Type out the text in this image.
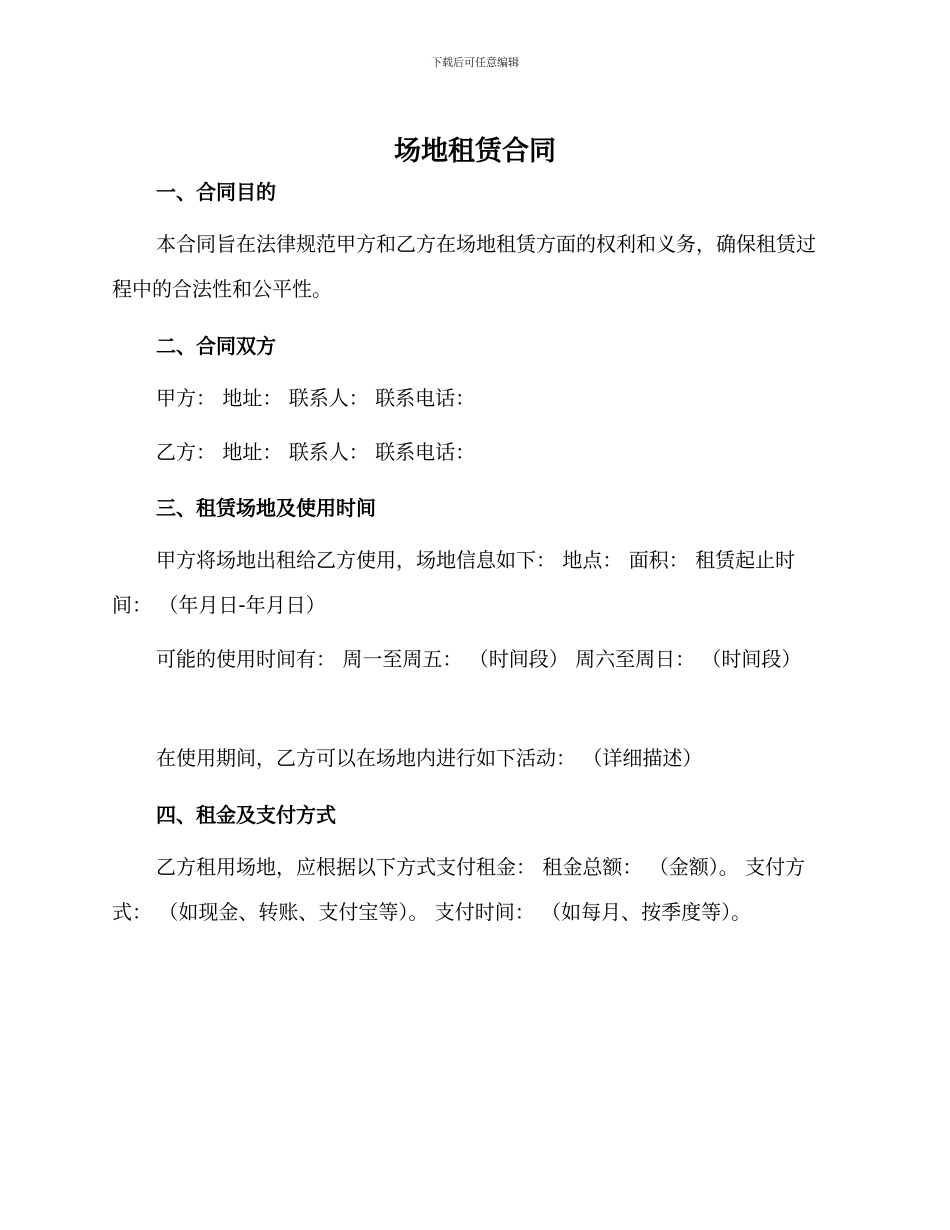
下载后可任意编辑
场地租赁合同
一、合同目的

本合同旨在法律规范甲方和乙方在场地租赁方面的权利和义务，确保租赁过程中的合法性和公平性。

二、合同双方

甲方： 地址： 联系人： 联系电话：

乙方： 地址： 联系人： 联系电话：

三、租赁场地及使用时间

甲方将场地出租给乙方使用，场地信息如下： 地点： 面积： 租赁起止时间： （年月日-年月日）

可能的使用时间有： 周一至周五： （时间段） 周六至周日： （时间段）

在使用期间，乙方可以在场地内进行如下活动： （详细描述）

四、租金及支付方式

乙方租用场地，应根据以下方式支付租金： 租金总额： （金额）。 支付方式： （如现金、转账、支付宝等）。 支付时间： （如每月、按季度等）。
